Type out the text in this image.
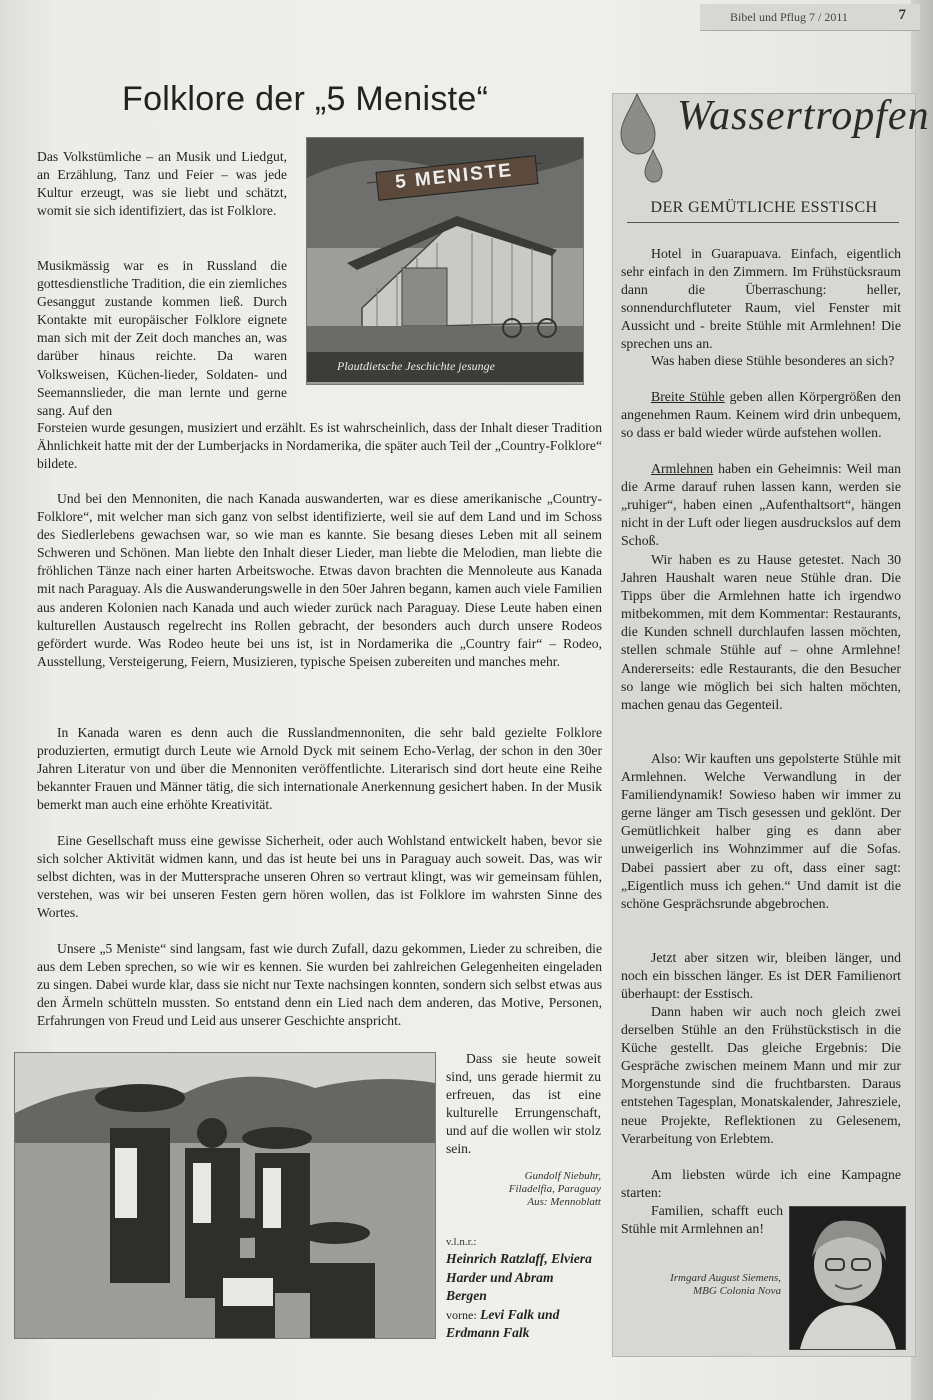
Bibel und Pflug 7 / 2011	7
Folklore der „5 Meniste“
5 MENISTE
Plautdietsche Jeschichte jesunge

Das Volkstümliche – an Musik und Liedgut, an Erzählung, Tanz und Feier – was jede Kultur erzeugt, was sie liebt und schätzt, womit sie sich identifiziert, das ist Folklore.

Musikmässig war es in Russland die gottesdienstliche Tradition, die ein ziemliches Gesanggut zustande kommen ließ. Durch Kontakte mit europäischer Folklore eignete man sich mit der Zeit doch manches an, was darüber hinaus reichte. Da waren Volksweisen, Küchen-lieder, Soldaten- und Seemannslieder, die man lernte und gerne sang. Auf den

Forsteien wurde gesungen, musiziert und erzählt. Es ist wahrscheinlich, dass der Inhalt dieser Tradition Ähnlichkeit hatte mit der der Lumberjacks in Nordamerika, die später auch Teil der „Country-Folklore“ bildete.

Und bei den Mennoniten, die nach Kanada auswanderten, war es diese amerikanische „Country-Folklore“, mit welcher man sich ganz von selbst identifizierte, weil sie auf dem Land und im Schoss des Siedlerlebens gewachsen war, so wie man es kannte. Sie besang dieses Leben mit all seinem Schweren und Schönen. Man liebte den Inhalt dieser Lieder, man liebte die Melodien, man liebte die fröhlichen Tänze nach einer harten Arbeitswoche. Etwas davon brachten die Mennoleute aus Kanada mit nach Paraguay. Als die Auswanderungswelle in den 50er Jahren begann, kamen auch viele Familien aus anderen Kolonien nach Kanada und auch wieder zurück nach Paraguay. Diese Leute haben einen kulturellen Austausch regelrecht ins Rollen gebracht, der besonders auch durch unsere Rodeos gefördert wurde. Was Rodeo heute bei uns ist, ist in Nordamerika die „Country fair“ – Rodeo, Ausstellung, Versteigerung, Feiern, Musizieren, typische Speisen zubereiten und manches mehr.

In Kanada waren es denn auch die Russlandmennoniten, die sehr bald gezielte Folklore produzierten, ermutigt durch Leute wie Arnold Dyck mit seinem Echo-Verlag, der schon in den 30er Jahren Literatur von und über die Mennoniten veröffentlichte. Literarisch sind dort heute eine Reihe bekannter Frauen und Männer tätig, die sich internationale Anerkennung gesichert haben. In der Musik bemerkt man auch eine erhöhte Kreativität.

Eine Gesellschaft muss eine gewisse Sicherheit, oder auch Wohlstand entwickelt haben, bevor sie sich solcher Aktivität widmen kann, und das ist heute bei uns in Paraguay auch soweit. Das, was wir selbst dichten, was in der Muttersprache unseren Ohren so vertraut klingt, was wir gemeinsam fühlen, verstehen, was wir bei unseren Festen gern hören wollen, das ist Folklore im wahrsten Sinne des Wortes.

Unsere „5 Meniste“ sind langsam, fast wie durch Zufall, dazu gekommen, Lieder zu schreiben, die aus dem Leben sprechen, so wie wir es kennen. Sie wurden bei zahlreichen Gelegenheiten eingeladen zu singen. Dabei wurde klar, dass sie nicht nur Texte nachsingen konnten, sondern sich selbst etwas aus den Ärmeln schütteln mussten. So entstand denn ein Lied nach dem anderen, das Motive, Personen, Erfahrungen von Freud und Leid aus unserer Geschichte anspricht.

Dass sie heute soweit sind, uns gerade hiermit zu erfreuen, das ist eine kulturelle Errungenschaft, und auf die wollen wir stolz sein.

Gundolf Niebuhr,
Filadelfia, Paraguay
Aus: Mennoblatt
v.l.n.r.:
Heinrich Ratzlaff, Elviera Harder und Abram Bergen
vorne: Levi Falk und Erdmann Falk
Wassertropfen
DER GEMÜTLICHE ESSTISCH

Hotel in Guarapuava. Einfach, eigentlich sehr einfach in den Zimmern. Im Frühstücksraum dann die Überraschung: heller, sonnendurchfluteter Raum, viel Fenster mit Aussicht und - breite Stühle mit Armlehnen! Die sprechen uns an.

Was haben diese Stühle besonderes an sich?

Breite Stühle geben allen Körpergrößen den angenehmen Raum. Keinem wird drin unbequem, so dass er bald wieder würde aufstehen wollen.

Armlehnen haben ein Geheimnis: Weil man die Arme darauf ruhen lassen kann, werden sie „ruhiger“, haben einen „Aufenthaltsort“, hängen nicht in der Luft oder liegen ausdruckslos auf dem Schoß.

Wir haben es zu Hause getestet. Nach 30 Jahren Haushalt waren neue Stühle dran. Die Tipps über die Armlehnen hatte ich irgendwo mitbekommen, mit dem Kommentar: Restaurants, die Kunden schnell durchlaufen lassen möchten, stellen schmale Stühle auf – ohne Armlehne! Andererseits: edle Restaurants, die den Besucher so lange wie möglich bei sich halten möchten, machen genau das Gegenteil.

Also: Wir kauften uns gepolsterte Stühle mit Armlehnen. Welche Verwandlung in der Familiendynamik! Sowieso haben wir immer zu gerne länger am Tisch gesessen und geklönt. Der Gemütlichkeit halber ging es dann aber unweigerlich ins Wohnzimmer auf die Sofas. Dabei passiert aber zu oft, dass einer sagt: „Eigentlich muss ich gehen.“ Und damit ist die schöne Gesprächsrunde abgebrochen.

Jetzt aber sitzen wir, bleiben länger, und noch ein bisschen länger. Es ist DER Familienort überhaupt: der Esstisch.

Dann haben wir auch noch gleich zwei derselben Stühle an den Frühstückstisch in die Küche gestellt. Das gleiche Ergebnis: Die Gespräche zwischen meinem Mann und mir zur Morgenstunde sind die fruchtbarsten. Daraus entstehen Tagesplan, Monatskalender, Jahresziele, neue Projekte, Reflektionen zu Gelesenem, Verarbeitung von Erlebtem.

Am liebsten würde ich eine Kampagne starten:

Familien, schafft euch Stühle mit Armlehnen an!

Irmgard August Siemens,
MBG Colonia Nova
